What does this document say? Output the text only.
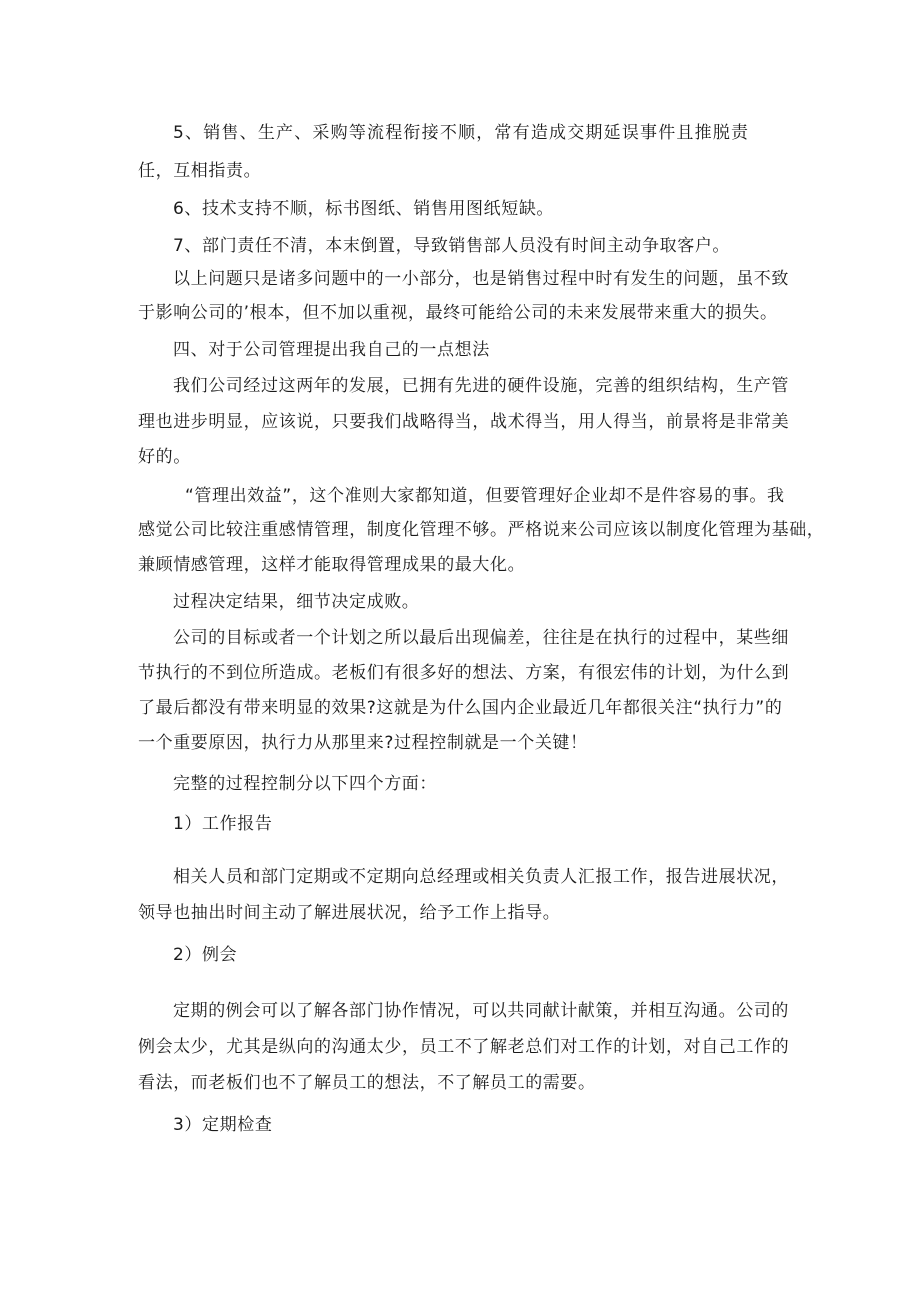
5、销售、生产、采购等流程衔接不顺，常有造成交期延误事件且推脱责
任，互相指责。
6、技术支持不顺，标书图纸、销售用图纸短缺。
7、部门责任不清，本末倒置，导致销售部人员没有时间主动争取客户。
以上问题只是诸多问题中的一小部分，也是销售过程中时有发生的问题，虽不致
于影响公司的’根本，但不加以重视，最终可能给公司的未来发展带来重大的损失。
四、对于公司管理提出我自己的一点想法
我们公司经过这两年的发展，已拥有先进的硬件设施，完善的组织结构，生产管
理也进步明显，应该说，只要我们战略得当，战术得当，用人得当，前景将是非常美
好的。
“管理出效益”，这个准则大家都知道，但要管理好企业却不是件容易的事。我
感觉公司比较注重感情管理，制度化管理不够。严格说来公司应该以制度化管理为基础，
兼顾情感管理，这样才能取得管理成果的最大化。
过程决定结果，细节决定成败。
公司的目标或者一个计划之所以最后出现偏差，往往是在执行的过程中，某些细
节执行的不到位所造成。老板们有很多好的想法、方案，有很宏伟的计划，为什么到
了最后都没有带来明显的效果?这就是为什么国内企业最近几年都很关注“执行力”的
一个重要原因，执行力从那里来?过程控制就是一个关键！
完整的过程控制分以下四个方面：
1）工作报告
相关人员和部门定期或不定期向总经理或相关负责人汇报工作，报告进展状况，
领导也抽出时间主动了解进展状况，给予工作上指导。
2）例会
定期的例会可以了解各部门协作情况，可以共同献计献策，并相互沟通。公司的
例会太少，尤其是纵向的沟通太少，员工不了解老总们对工作的计划，对自己工作的
看法，而老板们也不了解员工的想法，不了解员工的需要。
3）定期检查
